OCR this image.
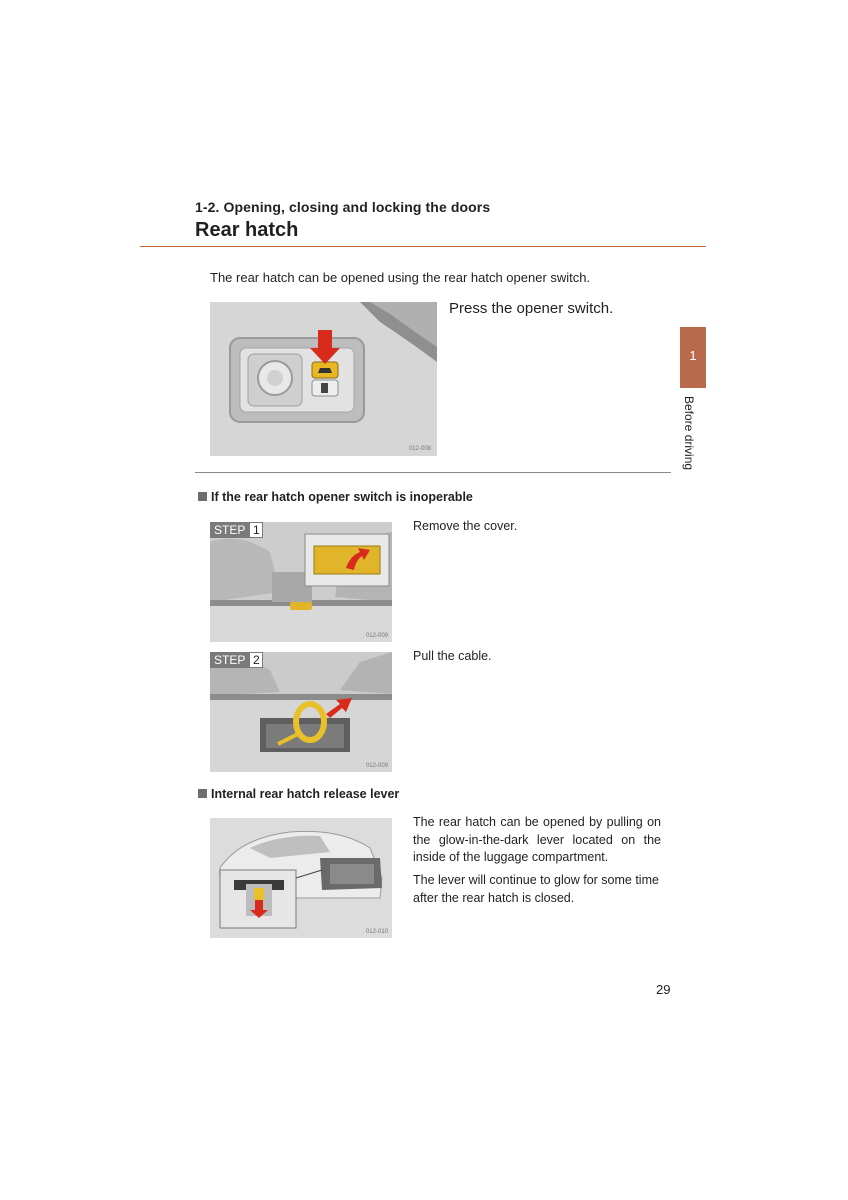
1-2. Opening, closing and locking the doors
Rear hatch
The rear hatch can be opened using the rear hatch opener switch.
012-008
Press the opener switch.
1
Before driving
If the rear hatch opener switch is inoperable
STEP 1
012-009
Remove the cover.
STEP 2
012-009
Pull the cable.
Internal rear hatch release lever
012-010
The rear hatch can be opened by pulling on the glow-in-the-dark lever located on the inside of the luggage compartment.
The lever will continue to glow for some time after the rear hatch is closed.
29
